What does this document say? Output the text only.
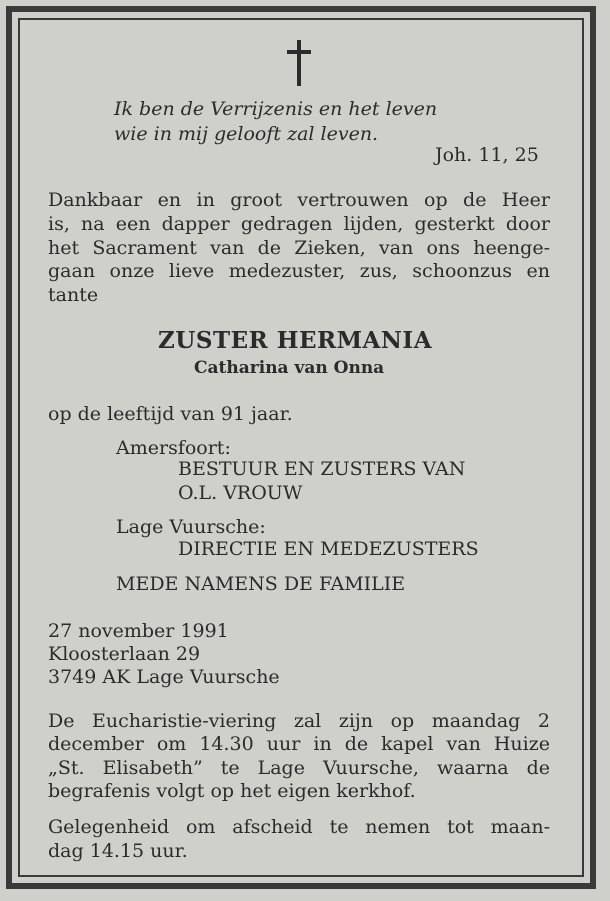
Ik ben de Verrijzenis en het leven
wie in mij gelooft zal leven.
Joh. 11, 25
Dankbaar en in groot vertrouwen op de Heer
is, na een dapper gedragen lijden, gesterkt door
het Sacrament van de Zieken, van ons heenge-
gaan onze lieve medezuster, zus, schoonzus en
tante
ZUSTER HERMANIA
Catharina van Onna
op de leeftijd van 91 jaar.
Amersfoort:
BESTUUR EN ZUSTERS VAN
O.L. VROUW
Lage Vuursche:
DIRECTIE EN MEDEZUSTERS
MEDE NAMENS DE FAMILIE
27 november 1991
Kloosterlaan 29
3749 AK Lage Vuursche
De Eucharistie-viering zal zijn op maandag 2
december om 14.30 uur in de kapel van Huize
„St. Elisabeth” te Lage Vuursche, waarna de
begrafenis volgt op het eigen kerkhof.
Gelegenheid om afscheid te nemen tot maan-
dag 14.15 uur.
